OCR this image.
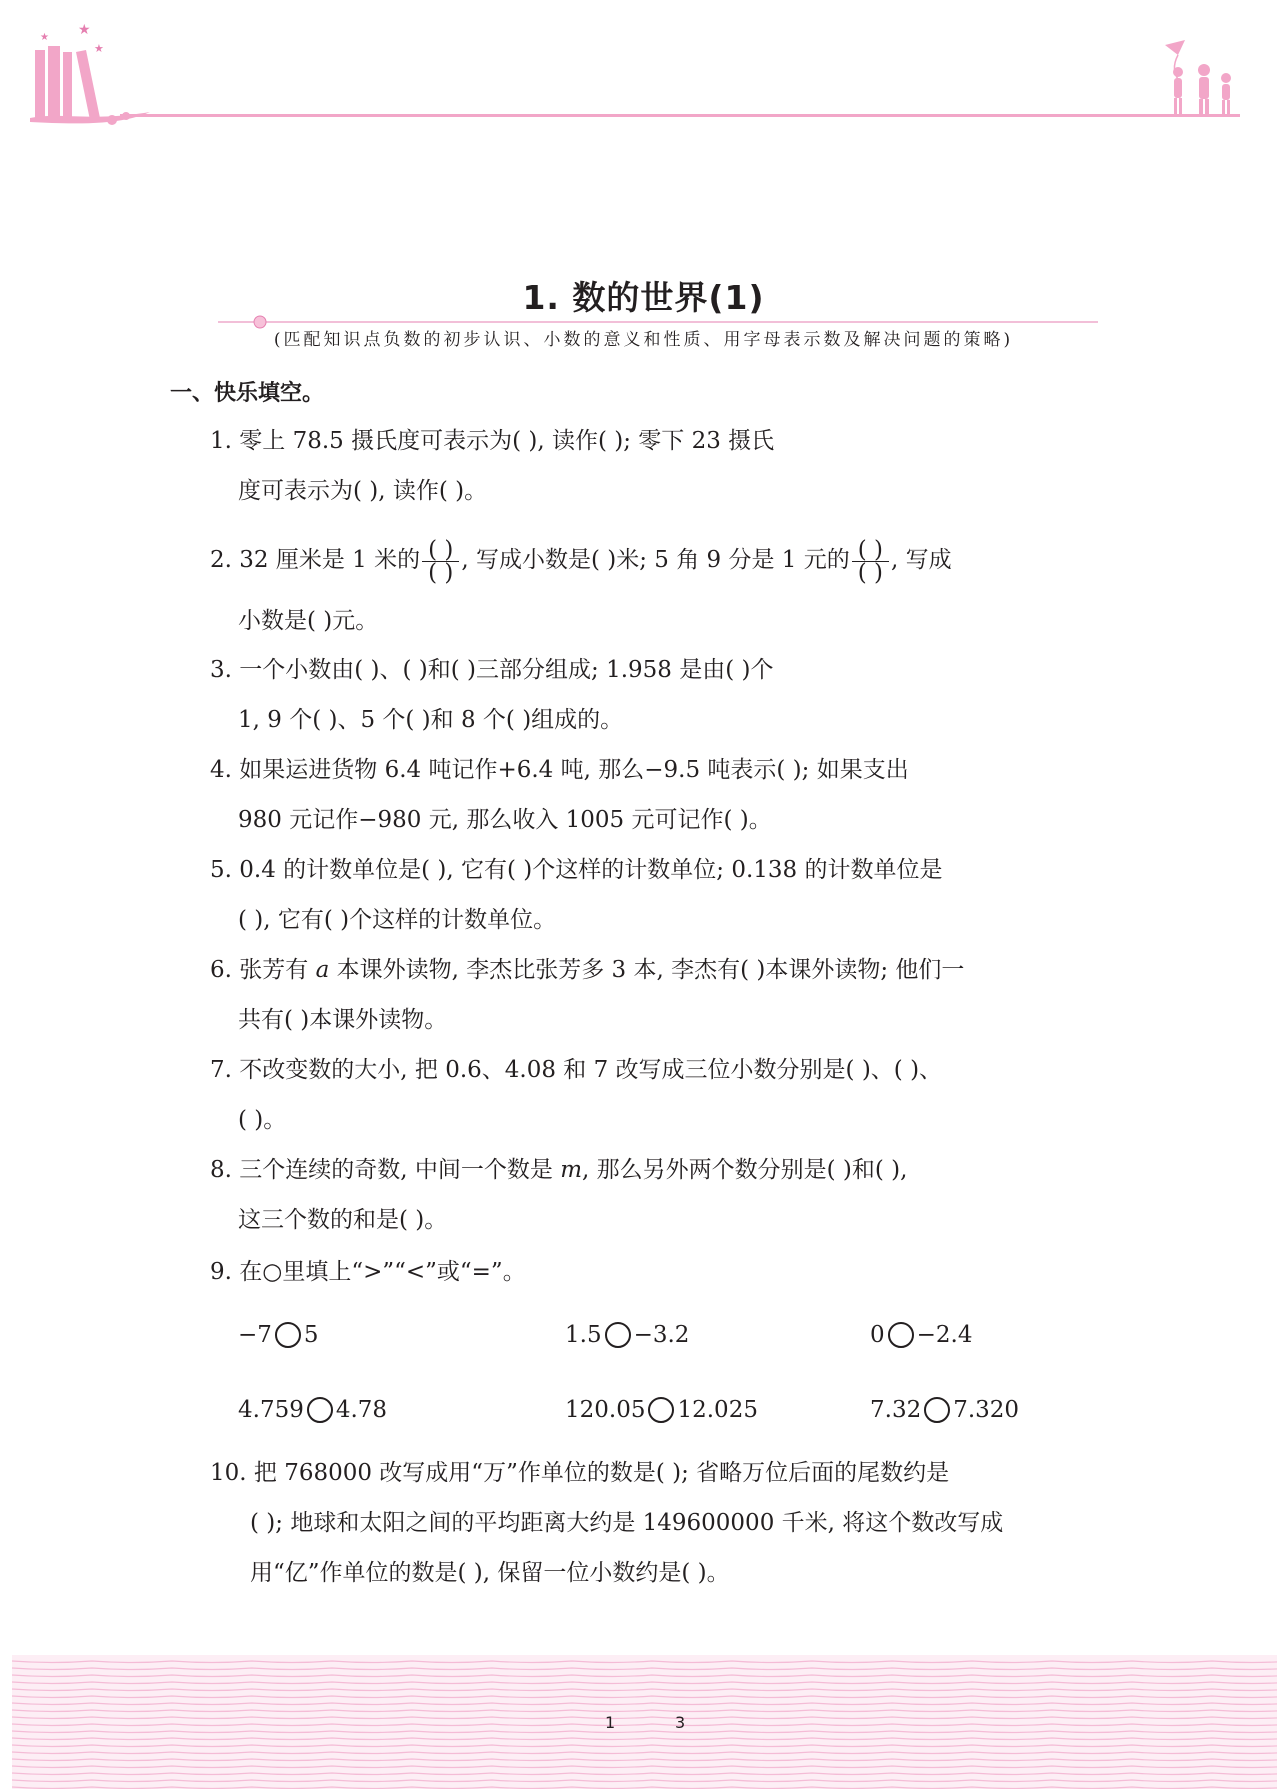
★
★
★
1. 数的世界(1)
(匹配知识点负数的初步认识、小数的意义和性质、用字母表示数及解决问题的策略)
一、快乐填空。
1. 零上 78.5 摄氏度可表示为( ), 读作( ); 零下 23 摄氏
度可表示为( ), 读作( )。
2. 32 厘米是 1 米的 $\frac{( )}{( )}$ , 写成小数是( )米; 5 角 9 分是 1 元的 $\frac{( )}{( )}$ , 写成
小数是( )元。
3. 一个小数由( )、( )和( )三部分组成; 1.958 是由( )个
1, 9 个( )、5 个( )和 8 个( )组成的。
4. 如果运进货物 6.4 吨记作+6.4 吨, 那么−9.5 吨表示( ); 如果支出
980 元记作−980 元, 那么收入 1005 元可记作( )。
5. 0.4 的计数单位是( ), 它有( )个这样的计数单位; 0.138 的计数单位是
( ), 它有( )个这样的计数单位。
6. 张芳有 a 本课外读物, 李杰比张芳多 3 本, 李杰有( )本课外读物; 他们一
共有( )本课外读物。
7. 不改变数的大小, 把 0.6、4.08 和 7 改写成三位小数分别是( )、( )、
( )。
8. 三个连续的奇数, 中间一个数是 m, 那么另外两个数分别是( )和( ),
这三个数的和是( )。
9. 在○里填上“>”“<”或“=”。
−7 5	1.5 −3.2	0 −2.4
4.759 4.78	120.05 12.025	7.32 7.320
10. 把 768000 改写成用“万”作单位的数是( ); 省略万位后面的尾数约是
( ); 地球和太阳之间的平均距离大约是 149600000 千米, 将这个数改写成
用“亿”作单位的数是( ), 保留一位小数约是( )。
1	3
